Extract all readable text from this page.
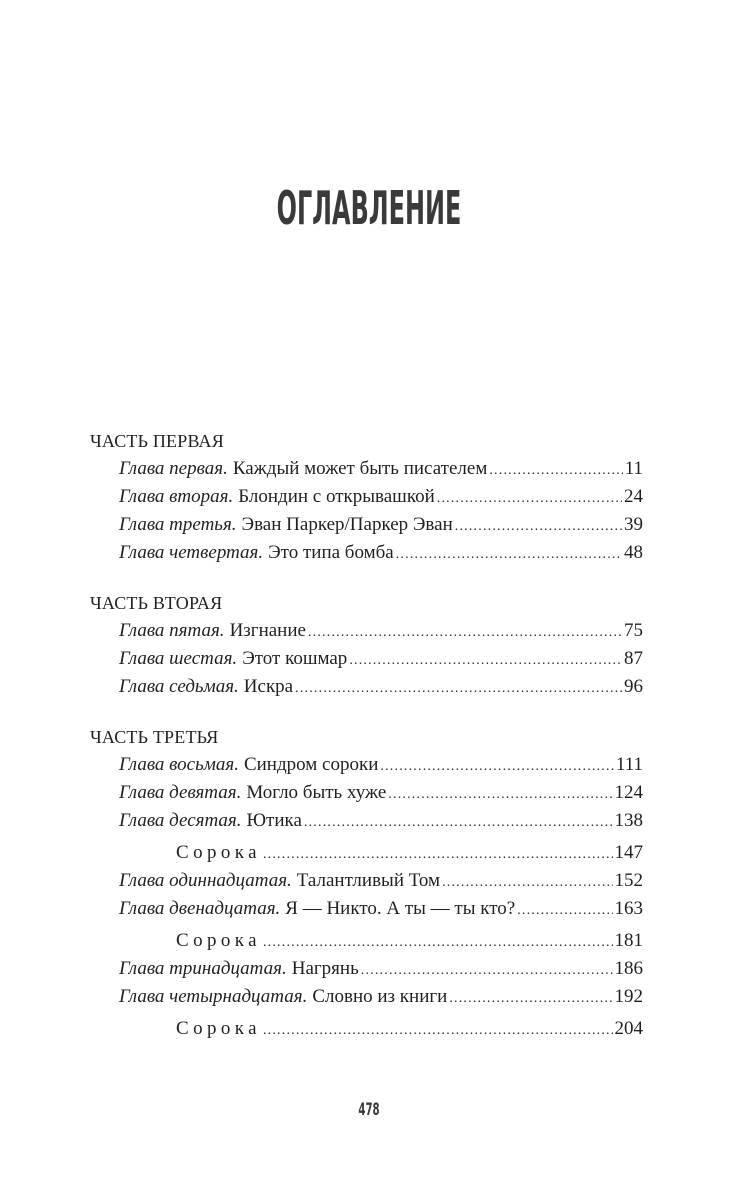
ОГЛАВЛЕНИЕ
ЧАСТЬ ПЕРВАЯ
Глава первая. Каждый может быть писателем .....	11
Глава вторая. Блондин с открывашкой .....	24
Глава третья. Эван Паркер/Паркер Эван .....	39
Глава четвертая. Это типа бомба .....	48
ЧАСТЬ ВТОРАЯ
Глава пятая. Изгнание .....	75
Глава шестая. Этот кошмар .....	87
Глава седьмая. Искра .....	96
ЧАСТЬ ТРЕТЬЯ
Глава восьмая. Синдром сороки .....	111
Глава девятая. Могло быть хуже .....	124
Глава десятая. Ютика .....	138
Сорока .....	147
Глава одиннадцатая. Талантливый Том .....	152
Глава двенадцатая. Я — Никто. А ты — ты кто? .....	163
Сорока .....	181
Глава тринадцатая. Нагрянь .....	186
Глава четырнадцатая. Словно из книги .....	192
Сорока .....	204
478
